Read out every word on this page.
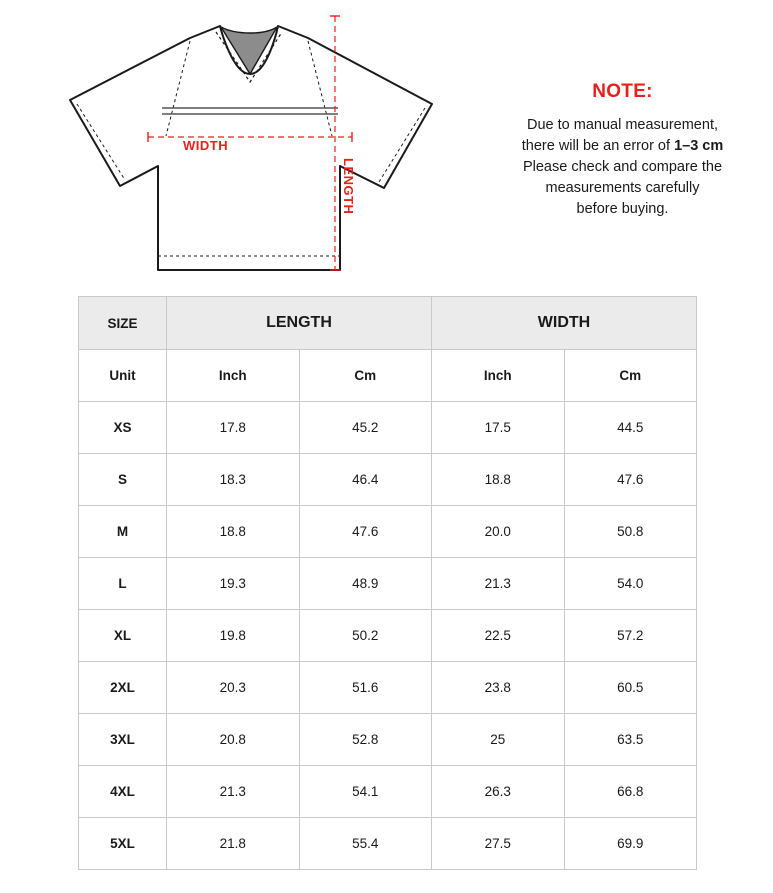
WIDTH
LENGTH
NOTE:
Due to manual measurement,
there will be an error of 1–3 cm
Please check and compare the
measurements carefully
before buying.
SIZE	LENGTH		WIDTH	
Unit	Inch	Cm	Inch	Cm
XS	17.8	45.2	17.5	44.5
S	18.3	46.4	18.8	47.6
M	18.8	47.6	20.0	50.8
L	19.3	48.9	21.3	54.0
XL	19.8	50.2	22.5	57.2
2XL	20.3	51.6	23.8	60.5
3XL	20.8	52.8	25	63.5
4XL	21.3	54.1	26.3	66.8
5XL	21.8	55.4	27.5	69.9
